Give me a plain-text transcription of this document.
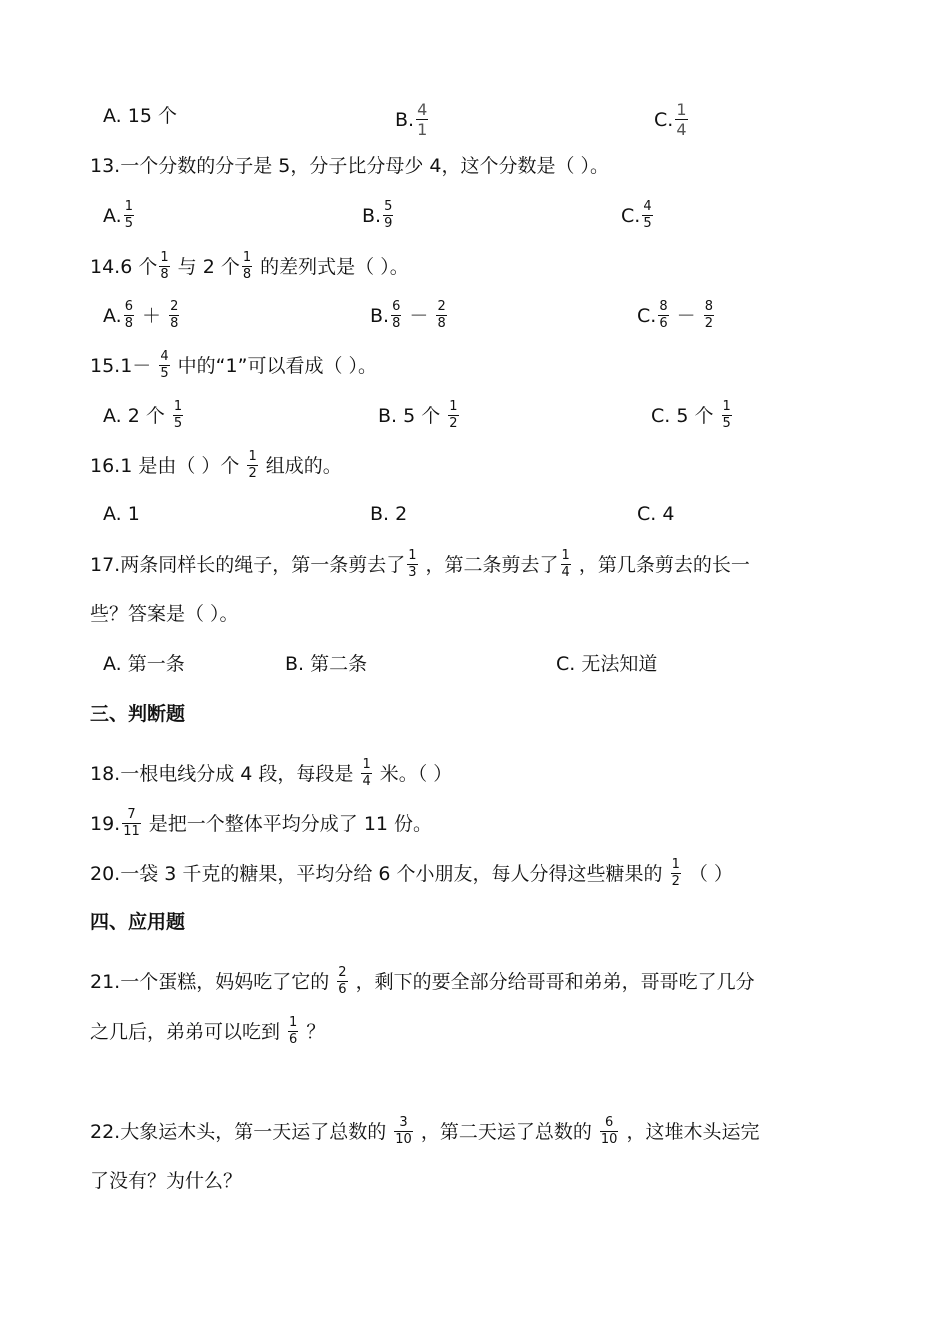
A. 15 个	B. $\frac{4}{1}$	C. $\frac{1}{4}$
13.一个分数的分子是 5，分子比分母少 4，这个分数是（ ）。
A. $\frac{1}{5}$	B. $\frac{5}{9}$	C. $\frac{4}{5}$
14.6 个 $\frac{1}{8}$ 与 2 个 $\frac{1}{8}$ 的差列式是（ ）。
A. $\frac{6}{8} + \frac{2}{8}$	B. $\frac{6}{8} - \frac{2}{8}$	C. $\frac{8}{6} - \frac{8}{2}$
$15.1- \frac{4}{5}$ 中的“1”可以看成（ ）。
A. 2 个 $\frac{1}{5}$	B. 5 个 $\frac{1}{2}$	C. 5 个 $\frac{1}{5}$
16.1 是由（ ）个 $\frac{1}{2}$ 组成的。
A. 1	B. 2	C. 4
17.两条同样长的绳子，第一条剪去了 $\frac{1}{3}$ ，第二条剪去了 $\frac{1}{4}$ ，第几条剪去的长一
些？答案是（ ）。
A. 第一条	B. 第二条	C. 无法知道
三、判断题
18.一根电线分成 4 段，每段是 $\frac{1}{4}$ 米。（ ）
19. $\frac{7}{11}$ 是把一个整体平均分成了 11 份。
20.一袋 3 千克的糖果，平均分给 6 个小朋友，每人分得这些糖果的 $\frac{1}{2}$ （ ）
四、应用题
21.一个蛋糕，妈妈吃了它的 $\frac{2}{6}$ ，剩下的要全部分给哥哥和弟弟，哥哥吃了几分
之几后，弟弟可以吃到 $\frac{1}{6}$ ？
22.大象运木头，第一天运了总数的 $\frac{3}{10}$ ，第二天运了总数的 $\frac{6}{10}$ ，这堆木头运完
了没有？为什么？
